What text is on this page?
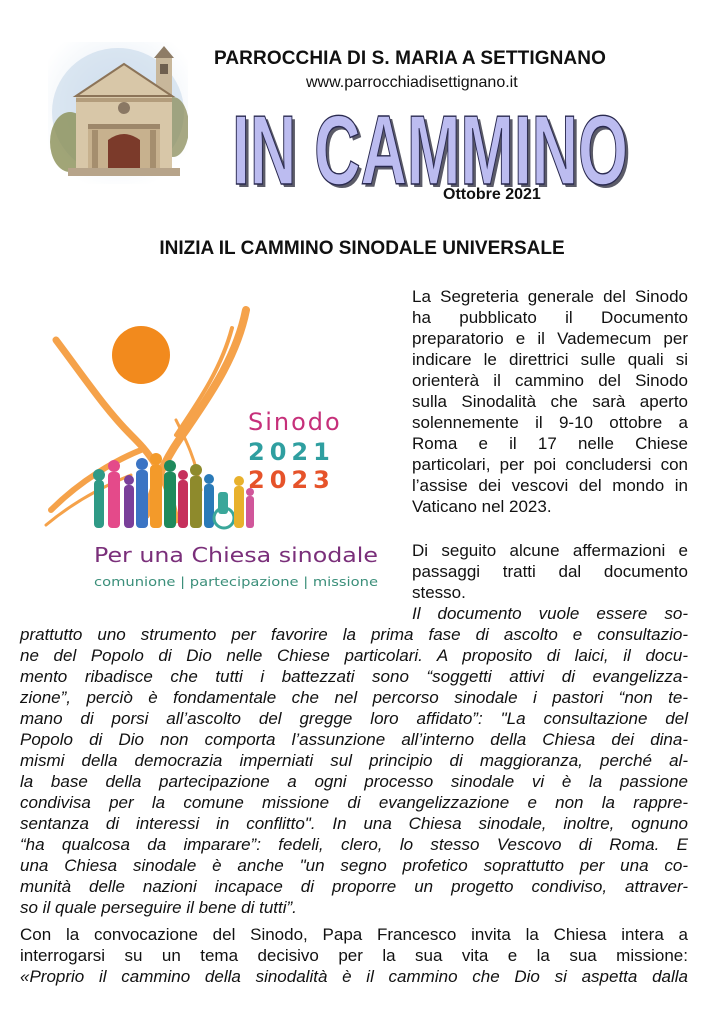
PARROCCHIA DI S. MARIA A SETTIGNANO
www.parrocchiadisettignano.it
IN CAMMINO
IN CAMMINO
Ottobre 2021
INIZIA IL CAMMINO SINODALE UNIVERSALE
Sinodo
2021
2023
Per una Chiesa sinodale
comunione | partecipazione | missione
La Segreteria generale del Sinodo ha pubblicato il Documento preparatorio e il Vademecum per indicare le direttrici sulle quali si orienterà il cammino del Sinodo sulla Sinodalità che sarà aperto solennemente il 9-10 ottobre a Roma e il 17 nelle Chiese particolari, per poi concludersi con l’assise dei vescovi del mondo in Vaticano nel 2023.
Di seguito alcune affermazioni e passaggi tratti dal documento stesso.
Il documento vuole essere so-
prattutto uno strumento per favorire la prima fase di ascolto e consultazio-
ne del Popolo di Dio nelle Chiese particolari. A proposito di laici, il docu-
mento ribadisce che tutti i battezzati sono “soggetti attivi di evangelizza-
zione”, perciò è fondamentale che nel percorso sinodale i pastori “non te-
mano di porsi all’ascolto del gregge loro affidato”: "La consultazione del
Popolo di Dio non comporta l’assunzione all’interno della Chiesa dei dina-
mismi della democrazia imperniati sul principio di maggioranza, perché al-
la base della partecipazione a ogni processo sinodale vi è la passione
condivisa per la comune missione di evangelizzazione e non la rappre-
sentanza di interessi in conflitto". In una Chiesa sinodale, inoltre, ognuno
“ha qualcosa da imparare”: fedeli, clero, lo stesso Vescovo di Roma. E
una Chiesa sinodale è anche "un segno profetico soprattutto per una co-
munità delle nazioni incapace di proporre un progetto condiviso, attraver-
so il quale perseguire il bene di tutti”.
Con la convocazione del Sinodo, Papa Francesco invita la Chiesa intera a
interrogarsi su un tema decisivo per la sua vita e la sua missione:
«Proprio il cammino della sinodalità è il cammino che Dio si aspetta dalla
